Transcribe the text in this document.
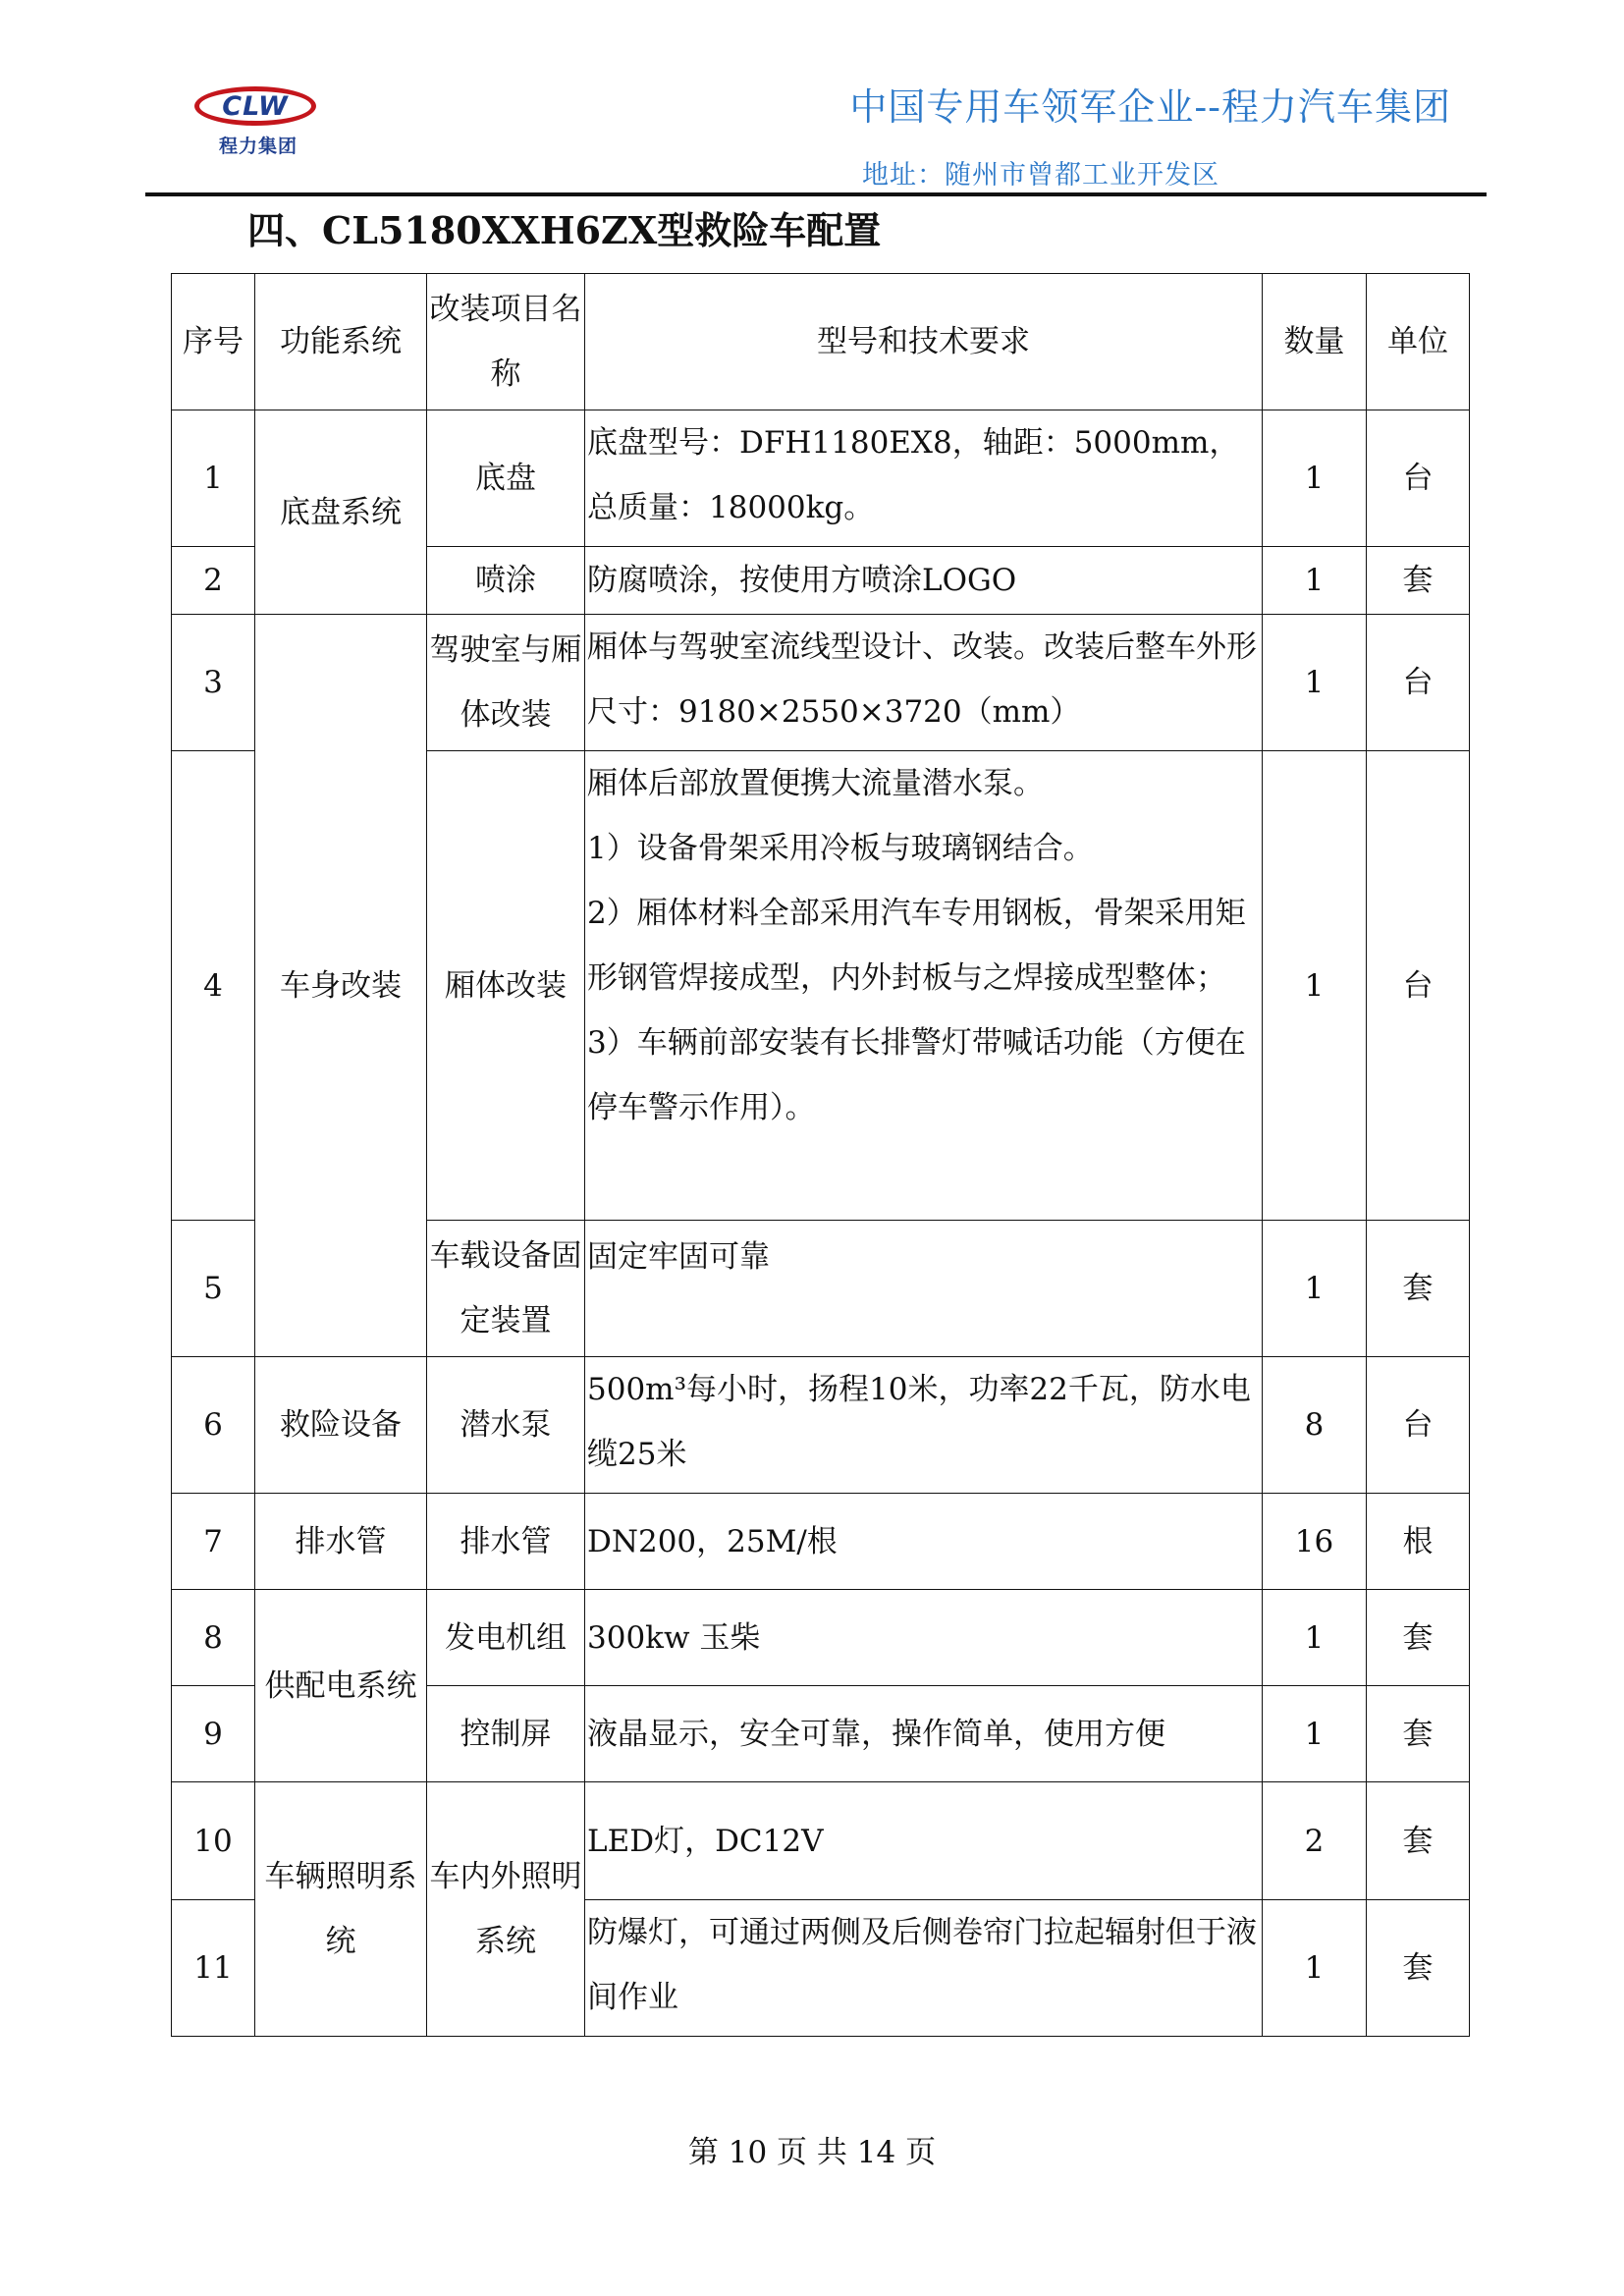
CLW
程力集团
中国专用车领军企业--程力汽车集团
地址：随州市曾都工业开发区
四、CL5180XXH6ZX型救险车配置
序号	功能系统	改装项目名称	型号和技术要求	数量	单位
1	底盘系统	底盘	底盘型号：DFH1180EX8，轴距：5000mm，总质量：18000kg。	1	台
2		喷涂	防腐喷涂，按使用方喷涂LOGO	1	套
3	车身改装	驾驶室与厢体改装	厢体与驾驶室流线型设计、改装。改装后整车外形尺寸：9180×2550×3720（mm）	1	台
4		厢体改装	厢体后部放置便携大流量潜水泵。
1）设备骨架采用冷板与玻璃钢结合。
2）厢体材料全部采用汽车专用钢板，骨架采用矩形钢管焊接成型，内外封板与之焊接成型整体；
3）车辆前部安装有长排警灯带喊话功能（方便在停车警示作用）。	1	台
5		车载设备固定装置	固定牢固可靠	1	套
6	救险设备	潜水泵	500m³每小时，扬程10米，功率22千瓦，防水电缆25米	8	台
7	排水管	排水管	DN200，25M/根	16	根
8	供配电系统	发电机组	300kw 玉柴	1	套
9		控制屏	液晶显示，安全可靠，操作简单，使用方便	1	套
10	车辆照明系统	车内外照明系统	LED灯，DC12V	2	套
11			防爆灯，可通过两侧及后侧卷帘门拉起辐射但于液间作业	1	套
第 10 页 共 14 页
